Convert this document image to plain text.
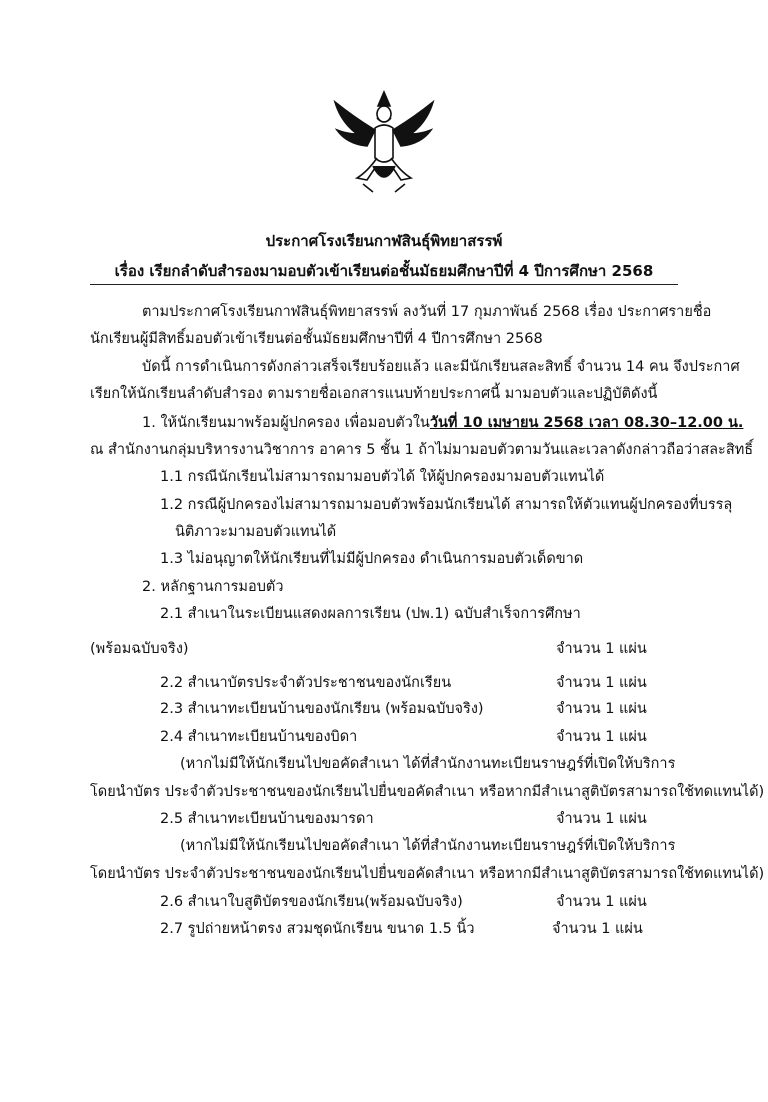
ประกาศโรงเรียนกาฬสินธุ์พิทยาสรรพ์
เรื่อง เรียกลำดับสำรองมามอบตัวเข้าเรียนต่อชั้นมัธยมศึกษาปีที่ 4 ปีการศึกษา 2568
ตามประกาศโรงเรียนกาฬสินธุ์พิทยาสรรพ์ ลงวันที่ 17 กุมภาพันธ์ 2568 เรื่อง ประกาศรายชื่อ
นักเรียนผู้มีสิทธิ์มอบตัวเข้าเรียนต่อชั้นมัธยมศึกษาปีที่ 4 ปีการศึกษา 2568
บัดนี้ การดำเนินการดังกล่าวเสร็จเรียบร้อยแล้ว และมีนักเรียนสละสิทธิ์ จำนวน 14 คน จึงประกาศ
เรียกให้นักเรียนลำดับสำรอง ตามรายชื่อเอกสารแนบท้ายประกาศนี้ มามอบตัวและปฏิบัติดังนี้
1. ให้นักเรียนมาพร้อมผู้ปกครอง เพื่อมอบตัวในวันที่ 10 เมษายน 2568 เวลา 08.30–12.00 น.
ณ สำนักงานกลุ่มบริหารงานวิชาการ อาคาร 5 ชั้น 1 ถ้าไม่มามอบตัวตามวันและเวลาดังกล่าวถือว่าสละสิทธิ์
1.1 กรณีนักเรียนไม่สามารถมามอบตัวได้ ให้ผู้ปกครองมามอบตัวแทนได้
1.2 กรณีผู้ปกครองไม่สามารถมามอบตัวพร้อมนักเรียนได้ สามารถให้ตัวแทนผู้ปกครองที่บรรลุ
นิติภาวะมามอบตัวแทนได้
1.3 ไม่อนุญาตให้นักเรียนที่ไม่มีผู้ปกครอง ดำเนินการมอบตัวเด็ดขาด
2. หลักฐานการมอบตัว
2.1 สำเนาในระเบียนแสดงผลการเรียน (ปพ.1) ฉบับสำเร็จการศึกษา
(พร้อมฉบับจริง)	จำนวน 1 แผ่น
2.2 สำเนาบัตรประจำตัวประชาชนของนักเรียน	จำนวน 1 แผ่น
2.3 สำเนาทะเบียนบ้านของนักเรียน (พร้อมฉบับจริง)	จำนวน 1 แผ่น
2.4 สำเนาทะเบียนบ้านของบิดา	จำนวน 1 แผ่น
(หากไม่มีให้นักเรียนไปขอคัดสำเนา ได้ที่สำนักงานทะเบียนราษฎร์ที่เปิดให้บริการ
โดยนำบัตร ประจำตัวประชาชนของนักเรียนไปยื่นขอคัดสำเนา หรือหากมีสำเนาสูติบัตรสามารถใช้ทดแทนได้)
2.5 สำเนาทะเบียนบ้านของมารดา	จำนวน 1 แผ่น
(หากไม่มีให้นักเรียนไปขอคัดสำเนา ได้ที่สำนักงานทะเบียนราษฎร์ที่เปิดให้บริการ
โดยนำบัตร ประจำตัวประชาชนของนักเรียนไปยื่นขอคัดสำเนา หรือหากมีสำเนาสูติบัตรสามารถใช้ทดแทนได้)
2.6 สำเนาใบสูติบัตรของนักเรียน(พร้อมฉบับจริง)	จำนวน 1 แผ่น
2.7 รูปถ่ายหน้าตรง สวมชุดนักเรียน ขนาด 1.5 นิ้ว	จำนวน 1 แผ่น
